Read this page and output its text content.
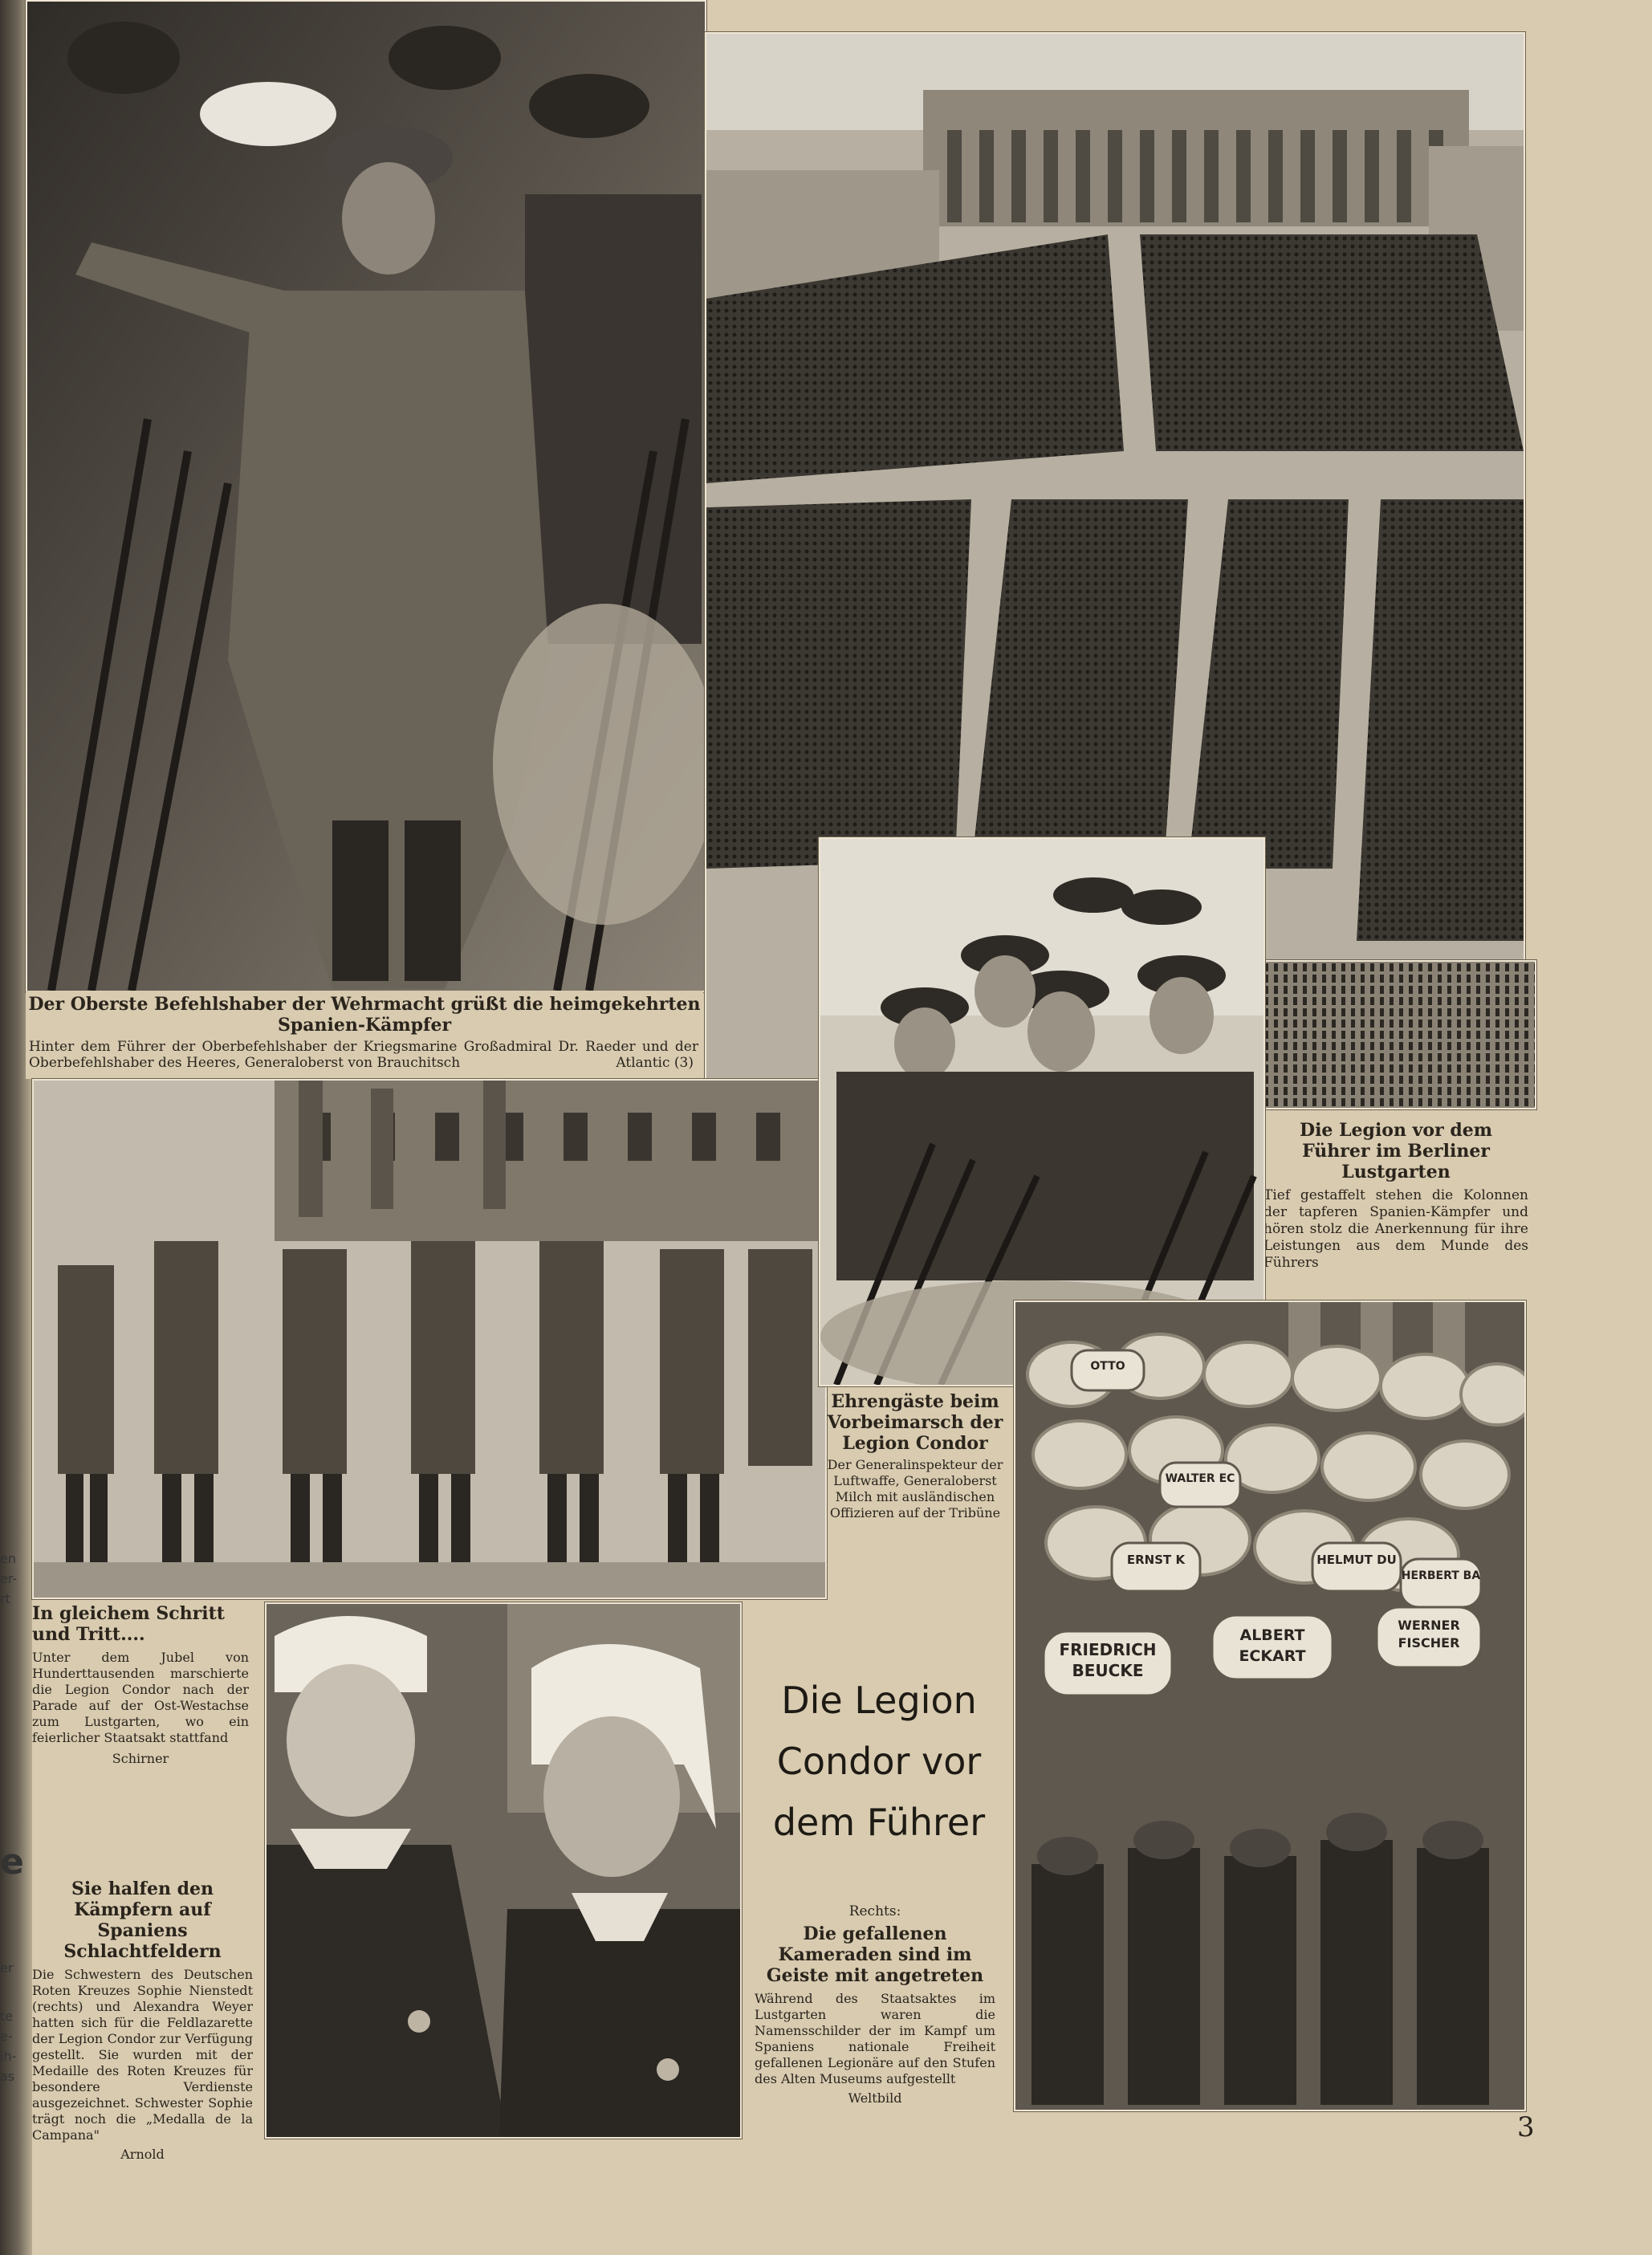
en
er-
rt
e
er
te
e-
ih-
as

Der Oberste Befehlshaber der Wehrmacht grüßt die heimgekehrten Spanien-Kämpfer

Hinter dem Führer der Oberbefehlshaber der Kriegsmarine Großadmiral Dr. Raeder und der Oberbefehlshaber des Heeres, Generaloberst von Brauchitsch	Atlantic (3)

Die Legion vor dem Führer im Berliner Lustgarten

Tief gestaffelt stehen die Kolonnen der tapferen Spanien-Kämpfer und hören stolz die Anerkennung für ihre Leistungen aus dem Munde des Führers

In gleichem Schritt und Tritt....

Unter dem Jubel von Hunderttausenden marschierte die Legion Condor nach der Parade auf der Ost-Westachse zum Lustgarten, wo ein feierlicher Staatsakt stattfand

Schirner

Ehrengäste beim Vorbeimarsch der Legion Condor

Der Generalinspekteur der Luftwaffe, Generaloberst Milch mit ausländischen Offizieren auf der Tribüne

Sie halfen den Kämpfern auf Spaniens Schlachtfeldern

Die Schwestern des Deutschen Roten Kreuzes Sophie Nienstedt (rechts) und Alexandra Weyer hatten sich für die Feldlazarette der Legion Condor zur Verfügung gestellt. Sie wurden mit der Medaille des Roten Kreuzes für besondere Verdienste ausgezeichnet. Schwester Sophie trägt noch die „Medalla de la Campana"

Arnold

Die Legion
Condor vor
dem Führer

Rechts:

Die gefallenen Kameraden sind im Geiste mit angetreten

Während des Staatsaktes im Lustgarten waren die Namensschilder der im Kampf um Spaniens nationale Freiheit gefallenen Legionäre auf den Stufen des Alten Museums aufgestellt

Weltbild

FRIEDRICH BEUCKE
ALBERT ECKART
WERNER FISCHER
HELMUT DU
HERBERT BA
ERNST K
WALTER EC
OTTO
3
